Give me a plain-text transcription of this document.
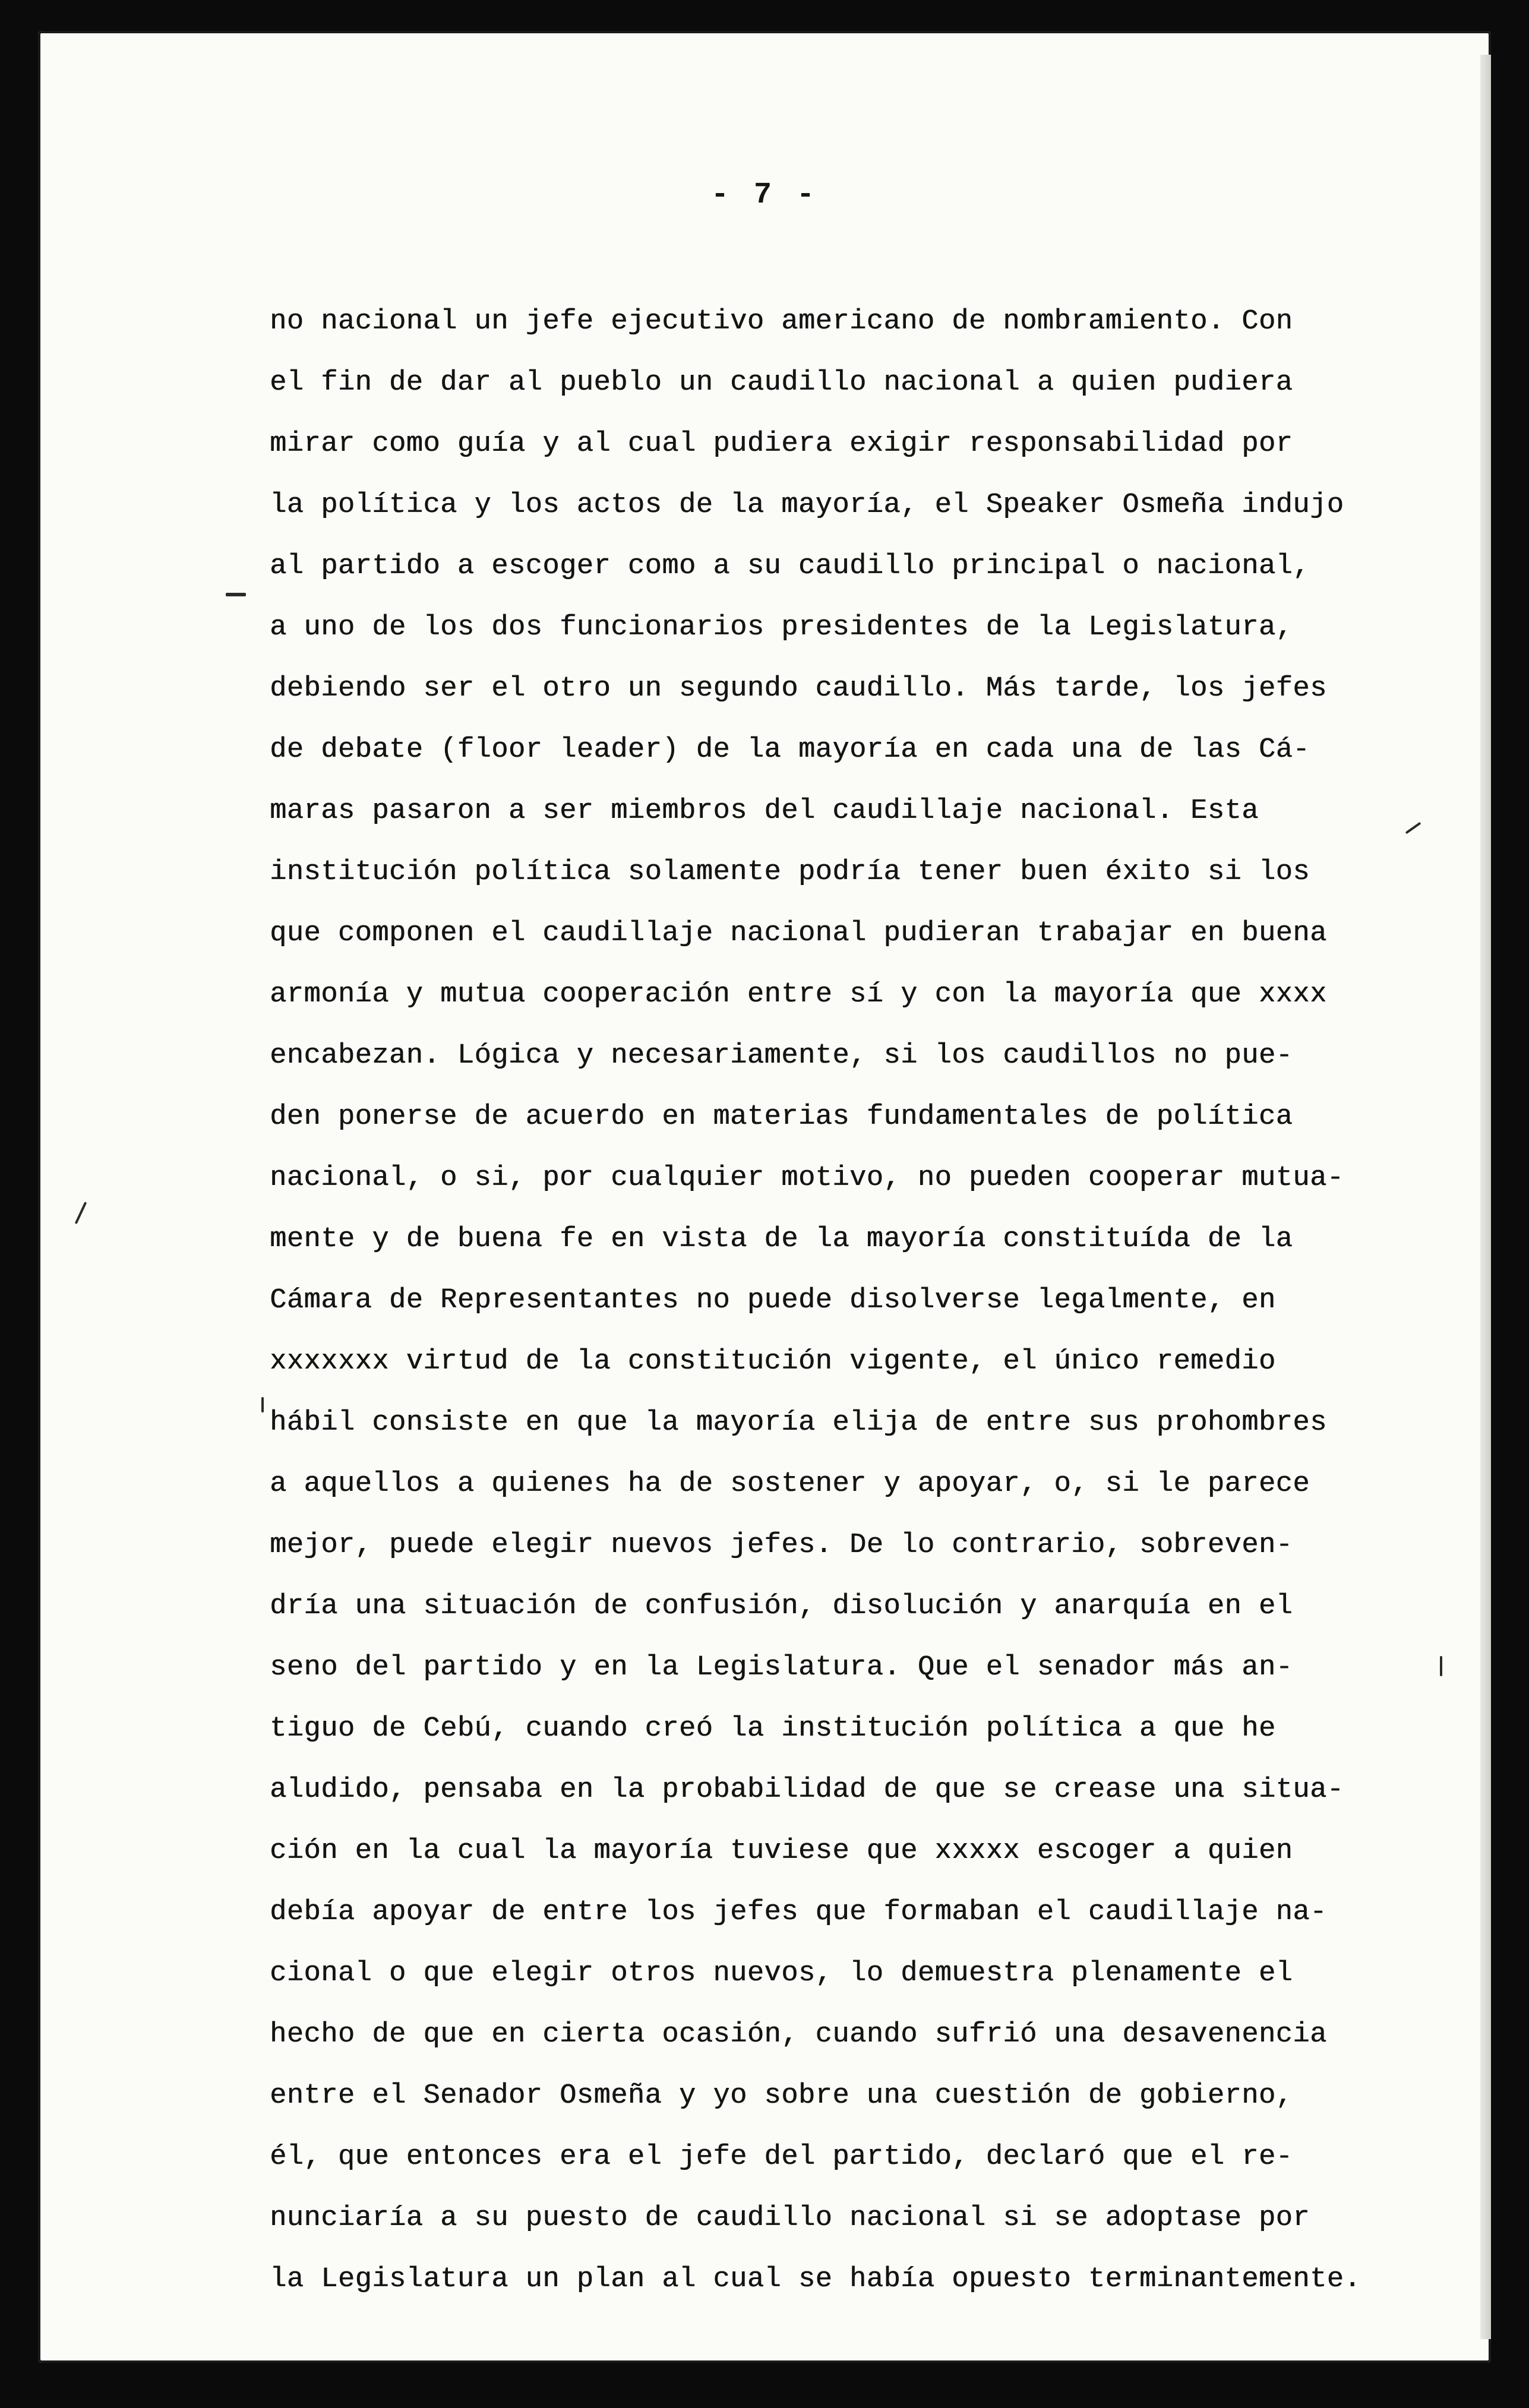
- 7 -
no nacional un jefe ejecutivo americano de nombramiento. Con
el fin de dar al pueblo un caudillo nacional a quien pudiera
mirar como guía y al cual pudiera exigir responsabilidad por
la política y los actos de la mayoría, el Speaker Osmeña indujo
al partido a escoger como a su caudillo principal o nacional,
a uno de los dos funcionarios presidentes de la Legislatura,
debiendo ser el otro un segundo caudillo. Más tarde, los jefes
de debate (floor leader) de la mayoría en cada una de las Cá-
maras pasaron a ser miembros del caudillaje nacional. Esta
institución política solamente podría tener buen éxito si los
que componen el caudillaje nacional pudieran trabajar en buena
armonía y mutua cooperación entre sí y con la mayoría que xxxx
encabezan. Lógica y necesariamente, si los caudillos no pue-
den ponerse de acuerdo en materias fundamentales de política
nacional, o si, por cualquier motivo, no pueden cooperar mutua-
mente y de buena fe en vista de la mayoría constituída de la
Cámara de Representantes no puede disolverse legalmente, en
xxxxxxx virtud de la constitución vigente, el único remedio
hábil consiste en que la mayoría elija de entre sus prohombres
a aquellos a quienes ha de sostener y apoyar, o, si le parece
mejor, puede elegir nuevos jefes. De lo contrario, sobreven-
dría una situación de confusión, disolución y anarquía en el
seno del partido y en la Legislatura. Que el senador más an-
tiguo de Cebú, cuando creó la institución política a que he
aludido, pensaba en la probabilidad de que se crease una situa-
ción en la cual la mayoría tuviese que xxxxx escoger a quien
debía apoyar de entre los jefes que formaban el caudillaje na-
cional o que elegir otros nuevos, lo demuestra plenamente el
hecho de que en cierta ocasión, cuando sufrió una desavenencia
entre el Senador Osmeña y yo sobre una cuestión de gobierno,
él, que entonces era el jefe del partido, declaró que el re-
nunciaría a su puesto de caudillo nacional si se adoptase por
la Legislatura un plan al cual se había opuesto terminantemente.
